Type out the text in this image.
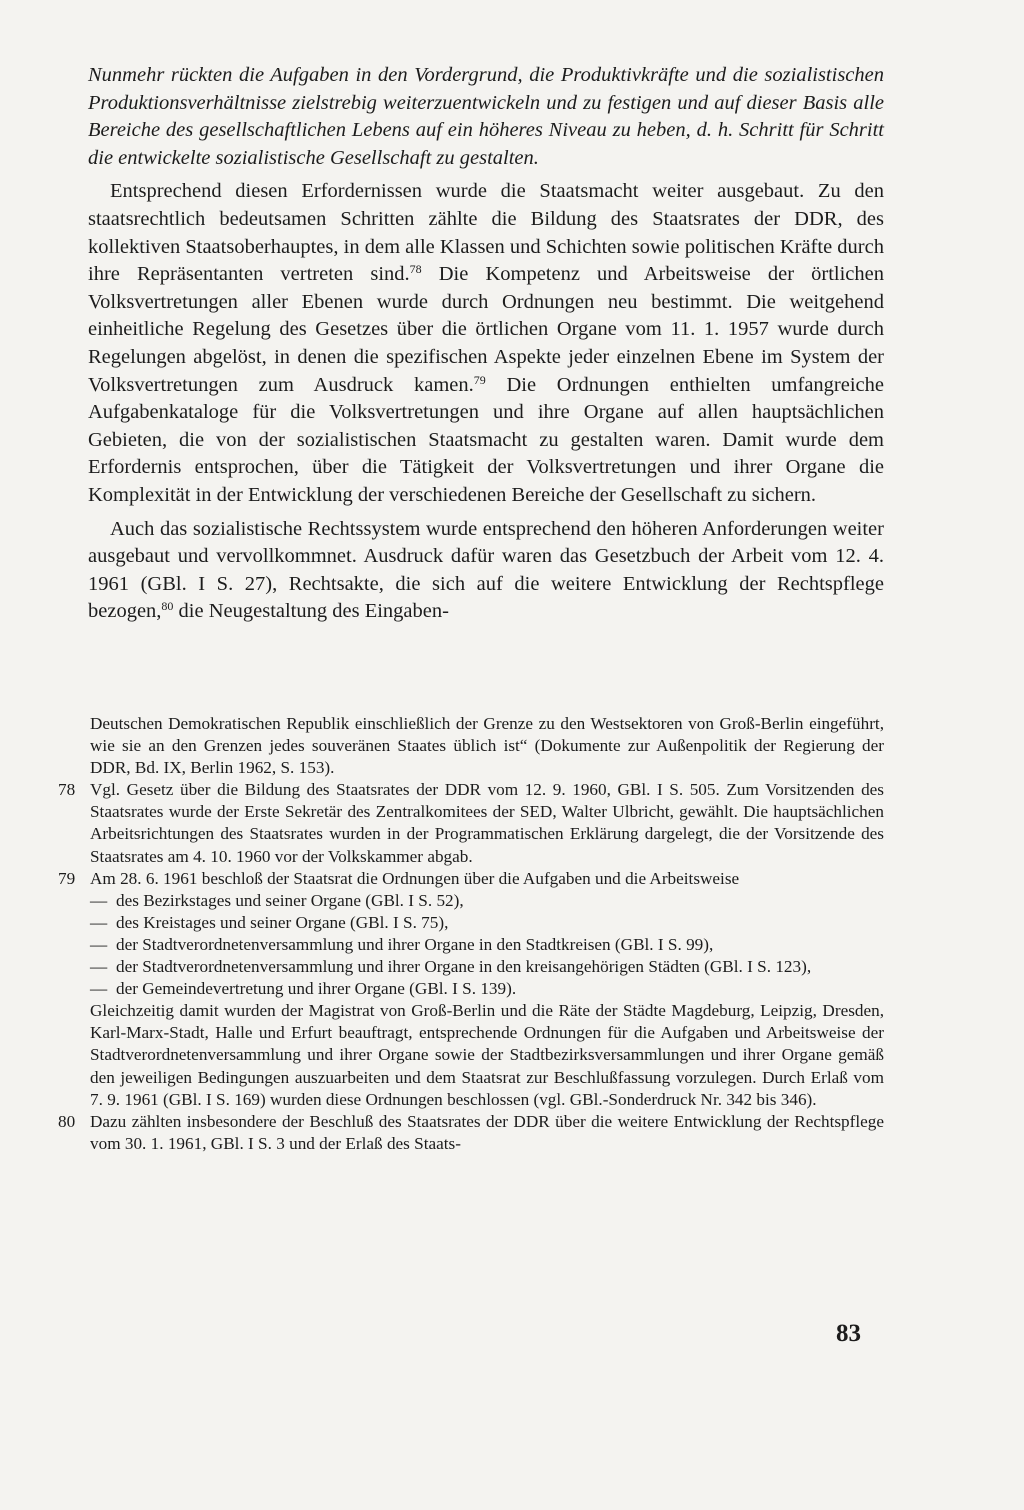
Nunmehr rückten die Aufgaben in den Vordergrund, die Produktivkräfte und die sozialistischen Produktionsverhältnisse zielstrebig weiterzuentwickeln und zu festigen und auf dieser Basis alle Bereiche des gesellschaftlichen Lebens auf ein höheres Niveau zu heben, d. h. Schritt für Schritt die entwickelte sozialistische Gesellschaft zu gestalten.

Entsprechend diesen Erfordernissen wurde die Staatsmacht weiter ausgebaut. Zu den staatsrechtlich bedeutsamen Schritten zählte die Bildung des Staatsrates der DDR, des kollektiven Staatsoberhauptes, in dem alle Klassen und Schichten sowie politischen Kräfte durch ihre Repräsentanten vertreten sind.$^{78}$ Die Kompetenz und Arbeitsweise der örtlichen Volksvertretungen aller Ebenen wurde durch Ordnungen neu bestimmt. Die weitgehend einheitliche Regelung des Gesetzes über die örtlichen Organe vom 11. 1. 1957 wurde durch Regelungen abgelöst, in denen die spezifischen Aspekte jeder einzelnen Ebene im System der Volksvertretungen zum Ausdruck kamen.$^{79}$ Die Ordnungen enthielten umfangreiche Aufgabenkataloge für die Volksvertretungen und ihre Organe auf allen hauptsächlichen Gebieten, die von der sozialistischen Staatsmacht zu gestalten waren. Damit wurde dem Erfordernis entsprochen, über die Tätigkeit der Volksvertretungen und ihrer Organe die Komplexität in der Entwicklung der verschiedenen Bereiche der Gesellschaft zu sichern.

Auch das sozialistische Rechtssystem wurde entsprechend den höheren Anforderungen weiter ausgebaut und vervollkommnet. Ausdruck dafür waren das Gesetzbuch der Arbeit vom 12. 4. 1961 (GBl. I S. 27), Rechtsakte, die sich auf die weitere Entwicklung der Rechtspflege bezogen,$^{80}$ die Neugestaltung des Eingaben-

Deutschen Demokratischen Republik einschließlich der Grenze zu den Westsektoren von Groß-Berlin eingeführt, wie sie an den Grenzen jedes souveränen Staates üblich ist“ (Dokumente zur Außenpolitik der Regierung der DDR, Bd. IX, Berlin 1962, S. 153).
78 Vgl. Gesetz über die Bildung des Staatsrates der DDR vom 12. 9. 1960, GBl. I S. 505. Zum Vorsitzenden des Staatsrates wurde der Erste Sekretär des Zentralkomitees der SED, Walter Ulbricht, gewählt. Die hauptsächlichen Arbeitsrichtungen des Staatsrates wurden in der Programmatischen Erklärung dargelegt, die der Vorsitzende des Staatsrates am 4. 10. 1960 vor der Volkskammer abgab.
79 Am 28. 6. 1961 beschloß der Staatsrat die Ordnungen über die Aufgaben und die Arbeitsweise
— des Bezirkstages und seiner Organe (GBl. I S. 52),
— des Kreistages und seiner Organe (GBl. I S. 75),
— der Stadtverordnetenversammlung und ihrer Organe in den Stadtkreisen (GBl. I S. 99),
— der Stadtverordnetenversammlung und ihrer Organe in den kreisangehörigen Städten (GBl. I S. 123),
— der Gemeindevertretung und ihrer Organe (GBl. I S. 139).
Gleichzeitig damit wurden der Magistrat von Groß-Berlin und die Räte der Städte Magdeburg, Leipzig, Dresden, Karl-Marx-Stadt, Halle und Erfurt beauftragt, entsprechende Ordnungen für die Aufgaben und Arbeitsweise der Stadtverordnetenversammlung und ihrer Organe sowie der Stadtbezirksversammlungen und ihrer Organe gemäß den jeweiligen Bedingungen auszuarbeiten und dem Staatsrat zur Beschlußfassung vorzulegen. Durch Erlaß vom 7. 9. 1961 (GBl. I S. 169) wurden diese Ordnungen beschlossen (vgl. GBl.-Sonderdruck Nr. 342 bis 346).
80 Dazu zählten insbesondere der Beschluß des Staatsrates der DDR über die weitere Entwicklung der Rechtspflege vom 30. 1. 1961, GBl. I S. 3 und der Erlaß des Staats-
83
